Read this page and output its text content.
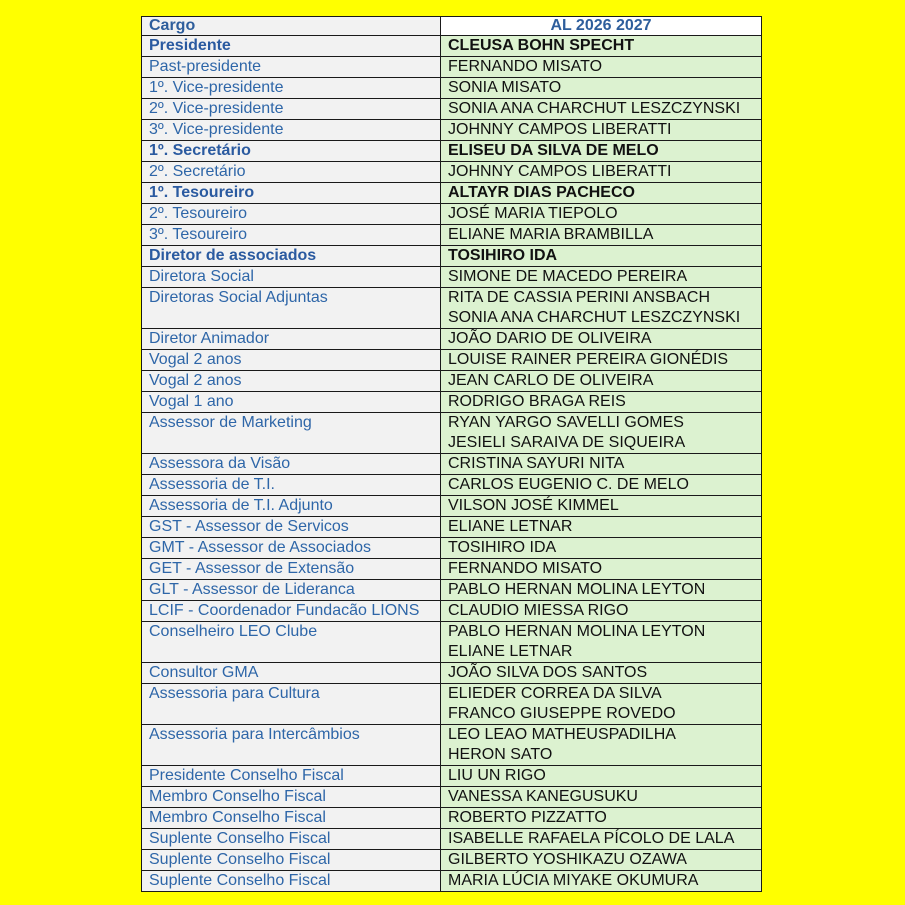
Cargo	AL 2026 2027
Presidente	CLEUSA BOHN SPECHT

Past-presidente	FERNANDO MISATO

1º. Vice-presidente	SONIA MISATO

2º. Vice-presidente	SONIA ANA CHARCHUT LESZCZYNSKI

3º. Vice-presidente	JOHNNY CAMPOS LIBERATTI

1º. Secretário	ELISEU DA SILVA DE MELO

2º. Secretário	JOHNNY CAMPOS LIBERATTI

1º. Tesoureiro	ALTAYR DIAS PACHECO

2º. Tesoureiro	JOSÉ MARIA TIEPOLO

3º. Tesoureiro	ELIANE MARIA BRAMBILLA

Diretor de associados	TOSIHIRO IDA

Diretora Social	SIMONE DE MACEDO PEREIRA

Diretoras Social Adjuntas	RITA DE CASSIA PERINI ANSBACH
SONIA ANA CHARCHUT LESZCZYNSKI

Diretor Animador	JOÃO DARIO DE OLIVEIRA

Vogal 2 anos	LOUISE RAINER PEREIRA GIONÉDIS

Vogal 2 anos	JEAN CARLO DE OLIVEIRA

Vogal 1 ano	RODRIGO BRAGA REIS

Assessor de Marketing	RYAN YARGO SAVELLI GOMES
JESIELI SARAIVA DE SIQUEIRA

Assessora da Visão	CRISTINA SAYURI NITA

Assessoria de T.I.	CARLOS EUGENIO C. DE MELO

Assessoria de T.I. Adjunto	VILSON JOSÉ KIMMEL

GST - Assessor de Servicos	ELIANE LETNAR

GMT - Assessor de Associados	TOSIHIRO IDA

GET - Assessor de Extensão	FERNANDO MISATO

GLT - Assessor de Lideranca	PABLO HERNAN MOLINA LEYTON

LCIF - Coordenador Fundacão LIONS	CLAUDIO MIESSA RIGO

Conselheiro LEO Clube	PABLO HERNAN MOLINA LEYTON
ELIANE LETNAR

Consultor GMA	JOÃO SILVA DOS SANTOS

Assessoria para Cultura	ELIEDER CORREA DA SILVA
FRANCO GIUSEPPE ROVEDO

Assessoria para Intercâmbios	LEO LEAO MATHEUSPADILHA
HERON SATO

Presidente Conselho Fiscal	LIU UN RIGO

Membro Conselho Fiscal	VANESSA KANEGUSUKU

Membro Conselho Fiscal	ROBERTO PIZZATTO

Suplente Conselho Fiscal	ISABELLE RAFAELA PÍCOLO DE LALA

Suplente Conselho Fiscal	GILBERTO YOSHIKAZU OZAWA

Suplente Conselho Fiscal	MARIA LÚCIA MIYAKE OKUMURA
